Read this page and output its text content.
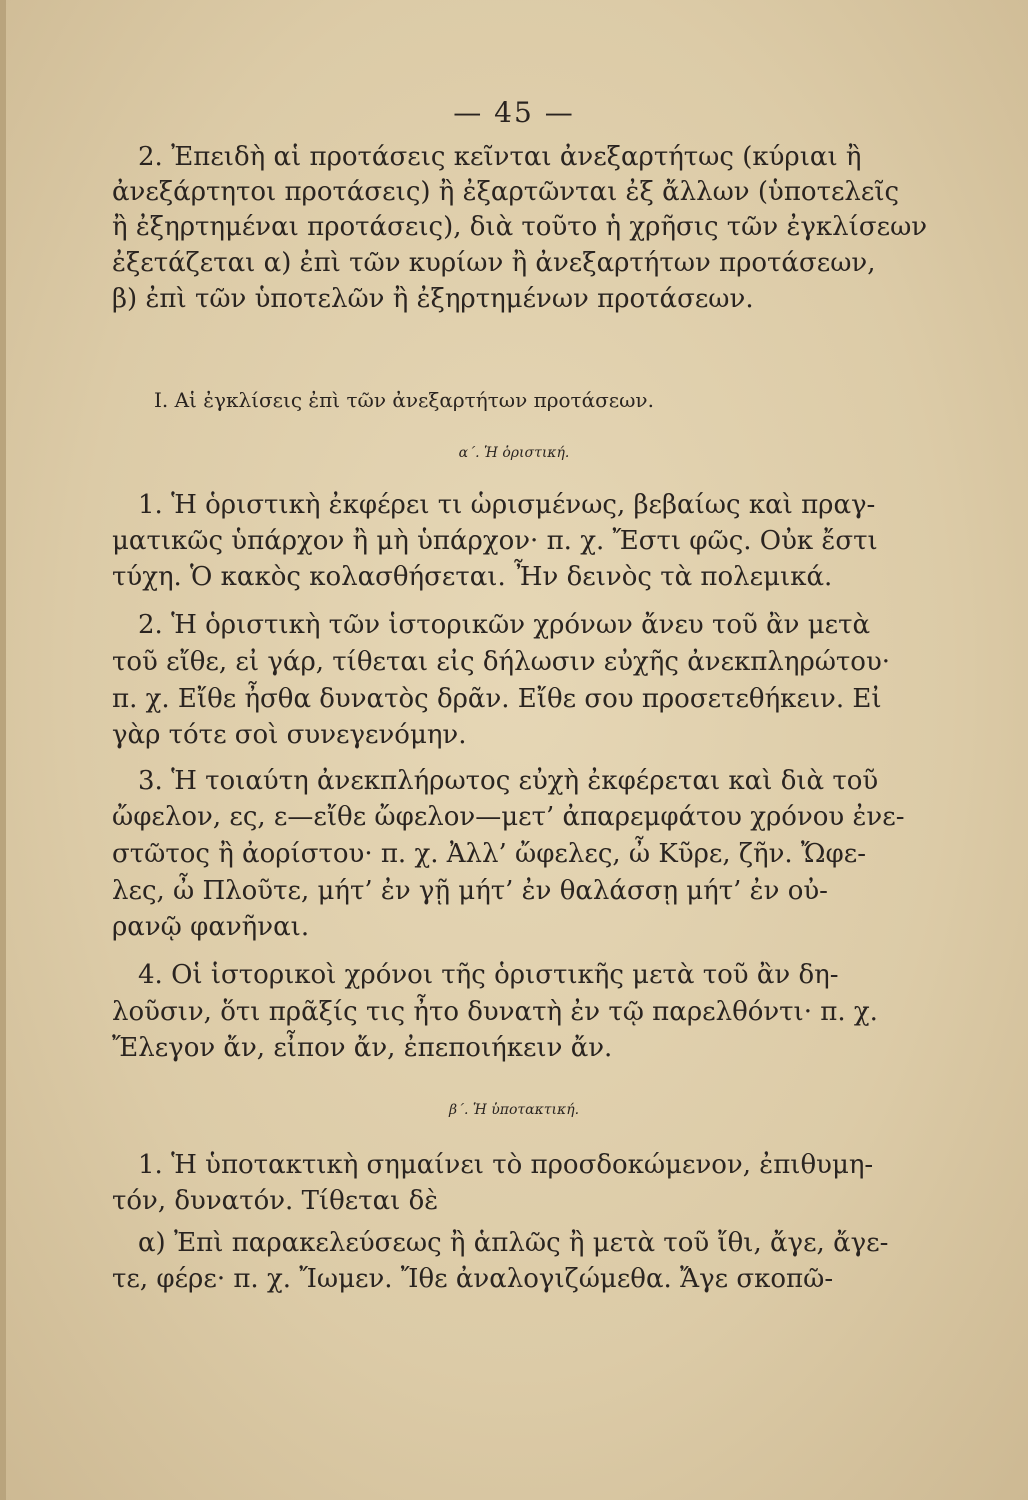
— 45 —
2. Ἐπειδὴ αἱ προτάσεις κεῖνται ἀνεξαρτήτως (κύριαι ἢ
ἀνεξάρτητοι προτάσεις) ἢ ἐξαρτῶνται ἐξ ἄλλων (ὑποτελεῖς
ἢ ἐξηρτημέναι προτάσεις), διὰ τοῦτο ἡ χρῆσις τῶν ἐγκλίσεων
ἐξετάζεται α) ἐπὶ τῶν κυρίων ἢ ἀνεξαρτήτων προτάσεων,
β) ἐπὶ τῶν ὑποτελῶν ἢ ἐξηρτημένων προτάσεων.
I. Αἱ ἐγκλίσεις ἐπὶ τῶν ἀνεξαρτήτων προτάσεων.
α΄. Ἡ ὁριστική.
1. Ἡ ὁριστικὴ ἐκφέρει τι ὡρισμένως, βεβαίως καὶ πραγ-
ματικῶς ὑπάρχον ἢ μὴ ὑπάρχον· π. χ. Ἔστι φῶς. Οὐκ ἔστι
τύχη. Ὁ κακὸς κολασθήσεται. Ἦν δεινὸς τὰ πολεμικά.
2. Ἡ ὁριστικὴ τῶν ἱστορικῶν χρόνων ἄνευ τοῦ ἂν μετὰ
τοῦ εἴθε, εἰ γάρ, τίθεται εἰς δήλωσιν εὐχῆς ἀνεκπληρώτου·
π. χ. Εἴθε ἦσθα δυνατὸς δρᾶν. Εἴθε σου προσετεθήκειν. Εἰ
γὰρ τότε σοὶ συνεγενόμην.
3. Ἡ τοιαύτη ἀνεκπλήρωτος εὐχὴ ἐκφέρεται καὶ διὰ τοῦ
ὤφελον, ες, ε—εἴθε ὤφελον—μετ’ ἀπαρεμφάτου χρόνου ἐνε-
στῶτος ἢ ἀορίστου· π. χ. Ἀλλ’ ὤφελες, ὦ Κῦρε, ζῆν. Ὤφε-
λες, ὦ Πλοῦτε, μήτ’ ἐν γῇ μήτ’ ἐν θαλάσσῃ μήτ’ ἐν οὐ-
ρανῷ φανῆναι.
4. Οἱ ἱστορικοὶ χρόνοι τῆς ὁριστικῆς μετὰ τοῦ ἂν δη-
λοῦσιν, ὅτι πρᾶξίς τις ἦτο δυνατὴ ἐν τῷ παρελθόντι· π. χ.
Ἔλεγον ἄν, εἶπον ἄν, ἐπεποιήκειν ἄν.
β΄. Ἡ ὑποτακτική.
1. Ἡ ὑποτακτικὴ σημαίνει τὸ προσδοκώμενον, ἐπιθυμη-
τόν, δυνατόν. Τίθεται δὲ
α) Ἐπὶ παρακελεύσεως ἢ ἁπλῶς ἢ μετὰ τοῦ ἴθι, ἄγε, ἄγε-
τε, φέρε· π. χ. Ἴωμεν. Ἴθε ἀναλογιζώμεθα. Ἄγε σκοπῶ-
